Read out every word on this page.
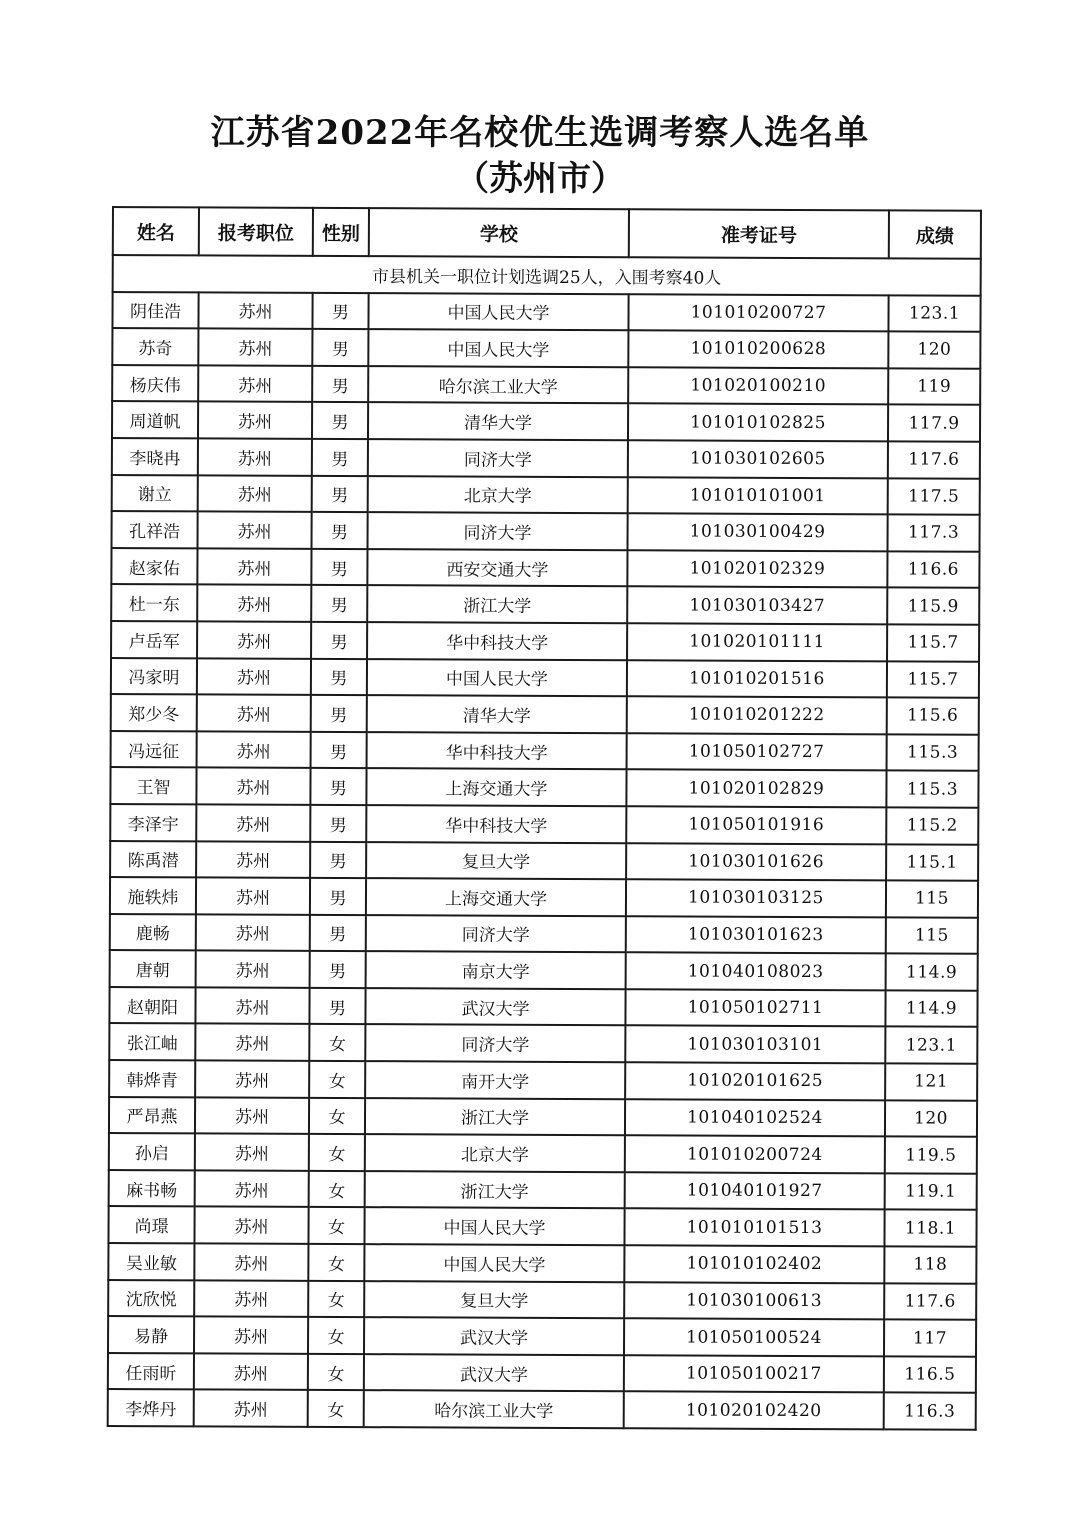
江苏省2022年名校优生选调考察人选名单
（苏州市）
姓名	报考职位	性别	学校	准考证号	成绩
市县机关一职位计划选调25人，入围考察40人					
阴佳浩	苏州	男	中国人民大学	101010200727	123.1
苏奇	苏州	男	中国人民大学	101010200628	120
杨庆伟	苏州	男	哈尔滨工业大学	101020100210	119
周道帆	苏州	男	清华大学	101010102825	117.9
李晓冉	苏州	男	同济大学	101030102605	117.6
谢立	苏州	男	北京大学	101010101001	117.5
孔祥浩	苏州	男	同济大学	101030100429	117.3
赵家佑	苏州	男	西安交通大学	101020102329	116.6
杜一东	苏州	男	浙江大学	101030103427	115.9
卢岳军	苏州	男	华中科技大学	101020101111	115.7
冯家明	苏州	男	中国人民大学	101010201516	115.7
郑少冬	苏州	男	清华大学	101010201222	115.6
冯远征	苏州	男	华中科技大学	101050102727	115.3
王智	苏州	男	上海交通大学	101020102829	115.3
李泽宇	苏州	男	华中科技大学	101050101916	115.2
陈禹潜	苏州	男	复旦大学	101030101626	115.1
施轶炜	苏州	男	上海交通大学	101030103125	115
鹿畅	苏州	男	同济大学	101030101623	115
唐朝	苏州	男	南京大学	101040108023	114.9
赵朝阳	苏州	男	武汉大学	101050102711	114.9
张江岫	苏州	女	同济大学	101030103101	123.1
韩烨青	苏州	女	南开大学	101020101625	121
严昂燕	苏州	女	浙江大学	101040102524	120
孙启	苏州	女	北京大学	101010200724	119.5
麻书畅	苏州	女	浙江大学	101040101927	119.1
尚璟	苏州	女	中国人民大学	101010101513	118.1
吴业敏	苏州	女	中国人民大学	101010102402	118
沈欣悦	苏州	女	复旦大学	101030100613	117.6
易静	苏州	女	武汉大学	101050100524	117
任雨昕	苏州	女	武汉大学	101050100217	116.5
李烨丹	苏州	女	哈尔滨工业大学	101020102420	116.3
